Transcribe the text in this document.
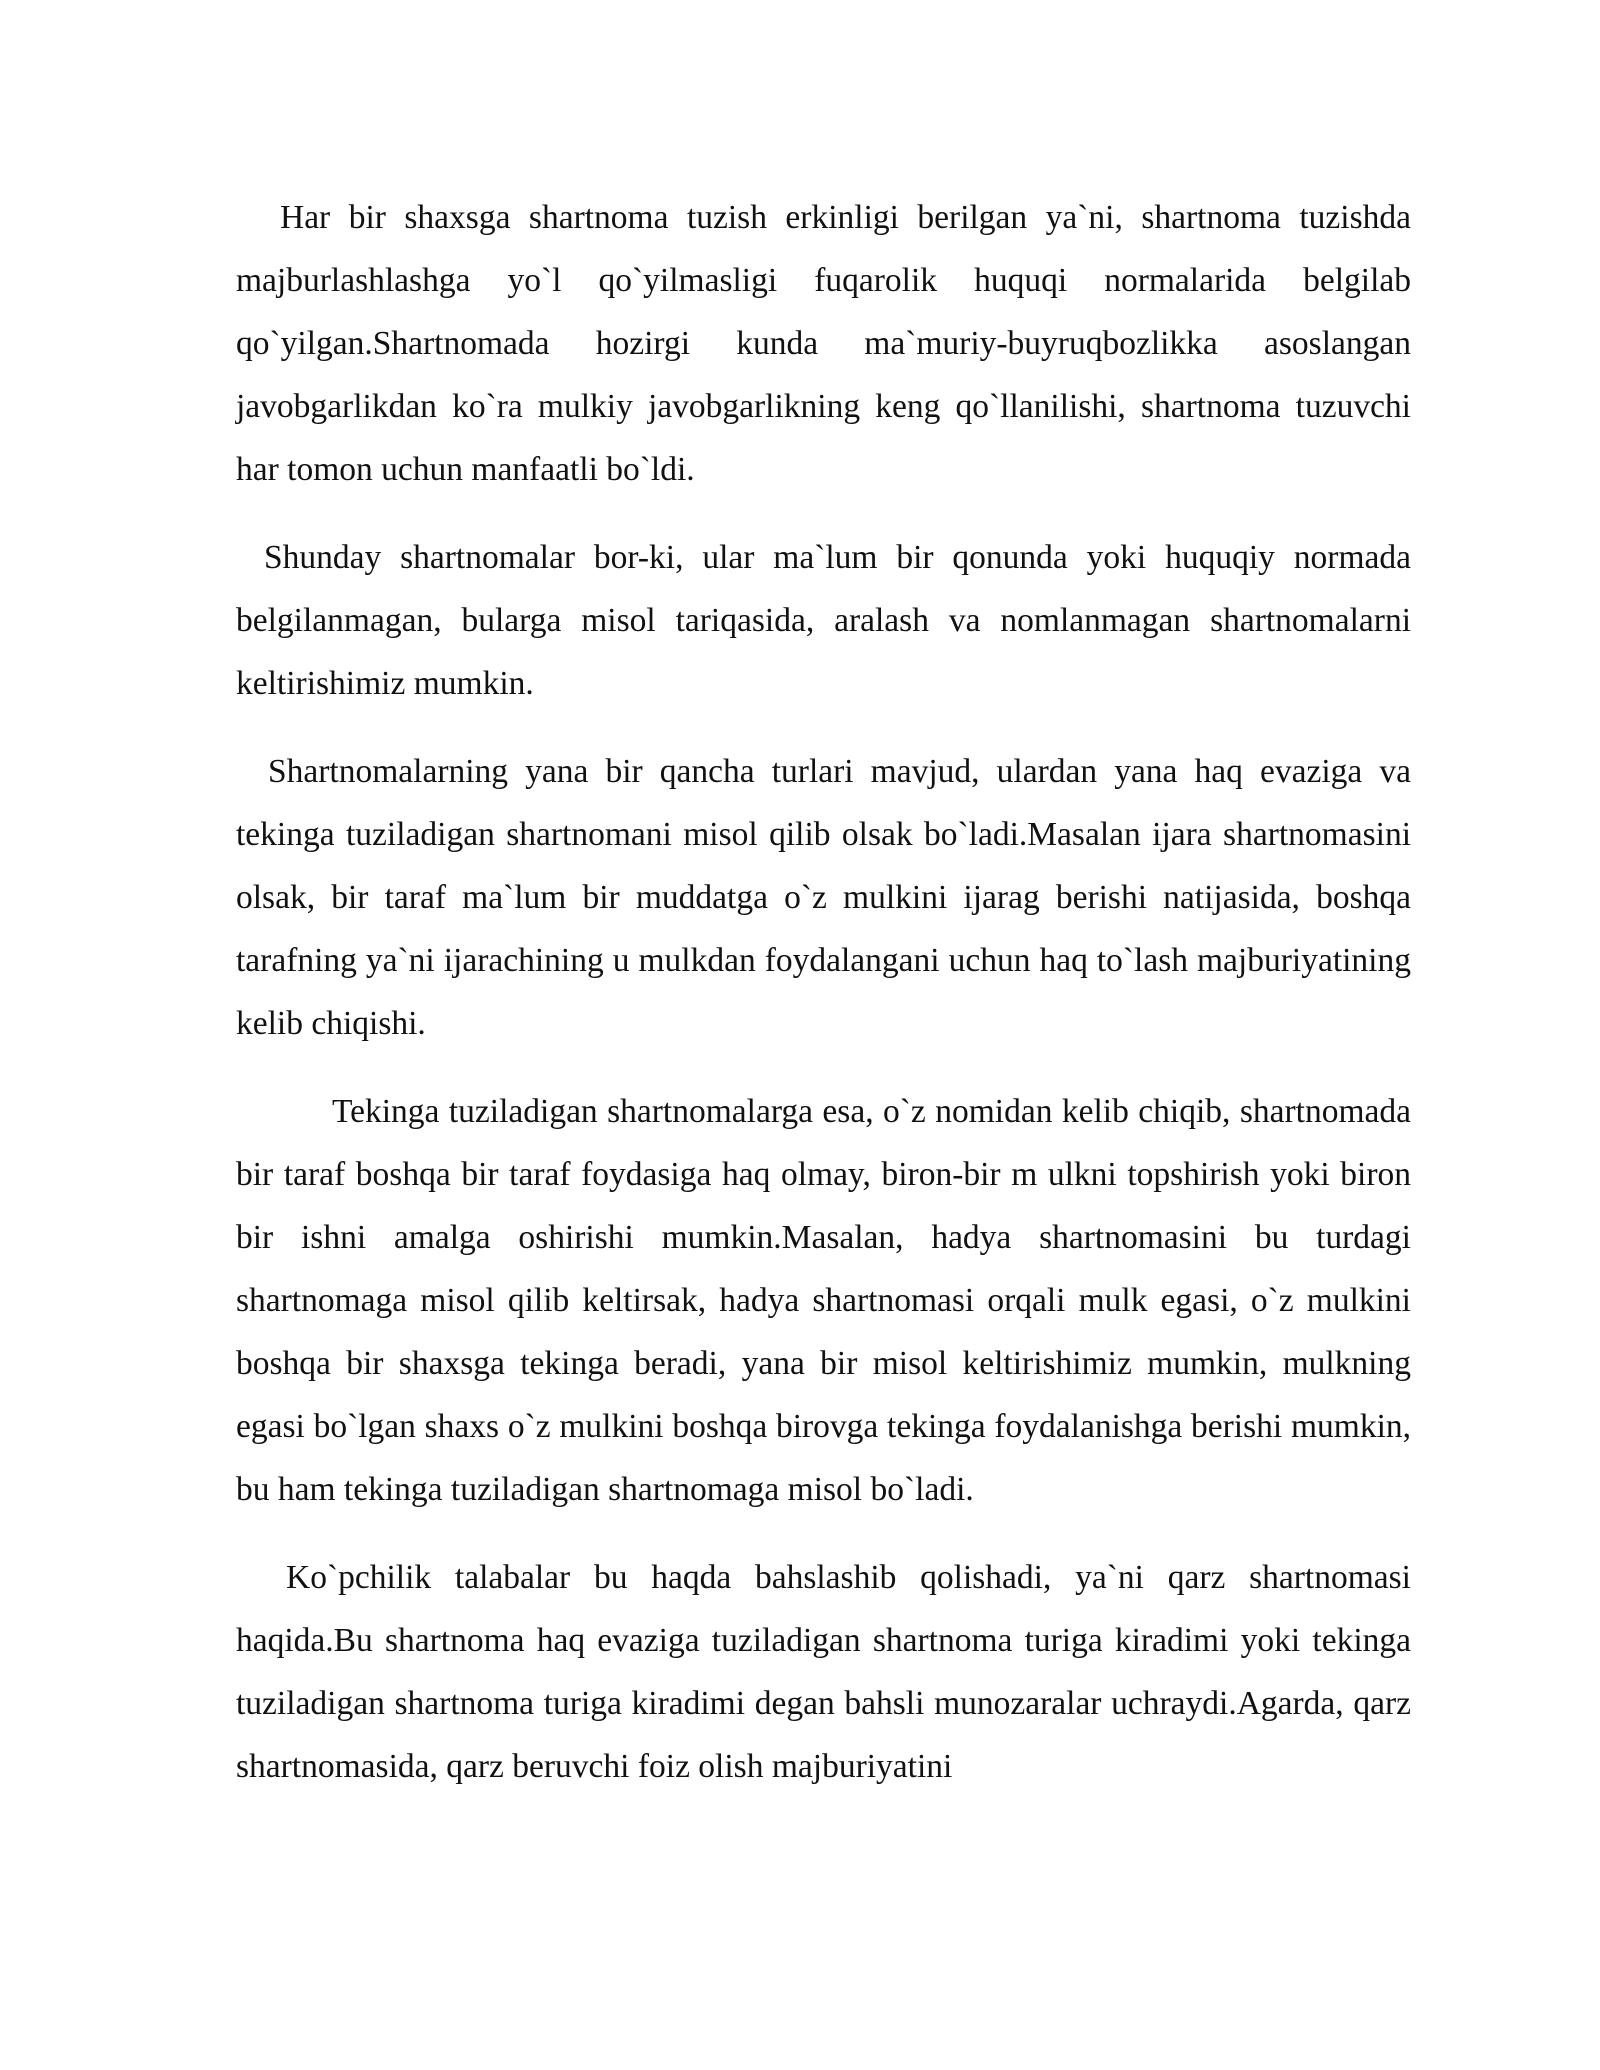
Har bir shaxsga shartnoma tuzish erkinligi berilgan ya`ni, shartnoma tuzishda majburlashlashga yo`l qo`yilmasligi fuqarolik huquqi normalarida belgilab qo`yilgan.Shartnomada hozirgi kunda ma`muriy-buyruqbozlikka asoslangan javobgarlikdan ko`ra mulkiy javobgarlikning keng qo`llanilishi, shartnoma tuzuvchi har tomon uchun manfaatli bo`ldi.

Shunday shartnomalar bor-ki, ular ma`lum bir qonunda yoki huquqiy normada belgilanmagan, bularga misol tariqasida, aralash va nomlanmagan shartnomalarni keltirishimiz mumkin.

Shartnomalarning yana bir qancha turlari mavjud, ulardan yana haq evaziga va tekinga tuziladigan shartnomani misol qilib olsak bo`ladi.Masalan ijara shartnomasini olsak, bir taraf ma`lum bir muddatga o`z mulkini ijarag berishi natijasida, boshqa tarafning ya`ni ijarachining u mulkdan foydalangani uchun haq to`lash majburiyatining kelib chiqishi.

Tekinga tuziladigan shartnomalarga esa, o`z nomidan kelib chiqib, shartnomada bir taraf boshqa bir taraf foydasiga haq olmay, biron-bir m ulkni topshirish yoki biron bir ishni amalga oshirishi mumkin.Masalan, hadya shartnomasini bu turdagi shartnomaga misol qilib keltirsak, hadya shartnomasi orqali mulk egasi, o`z mulkini boshqa bir shaxsga tekinga beradi, yana bir misol keltirishimiz mumkin, mulkning egasi bo`lgan shaxs o`z mulkini boshqa birovga tekinga foydalanishga berishi mumkin, bu ham tekinga tuziladigan shartnomaga misol bo`ladi.

Ko`pchilik talabalar bu haqda bahslashib qolishadi, ya`ni qarz shartnomasi haqida.Bu shartnoma haq evaziga tuziladigan shartnoma turiga kiradimi yoki tekinga tuziladigan shartnoma turiga kiradimi degan bahsli munozaralar uchraydi.Agarda, qarz shartnomasida, qarz beruvchi foiz olish majburiyatini
